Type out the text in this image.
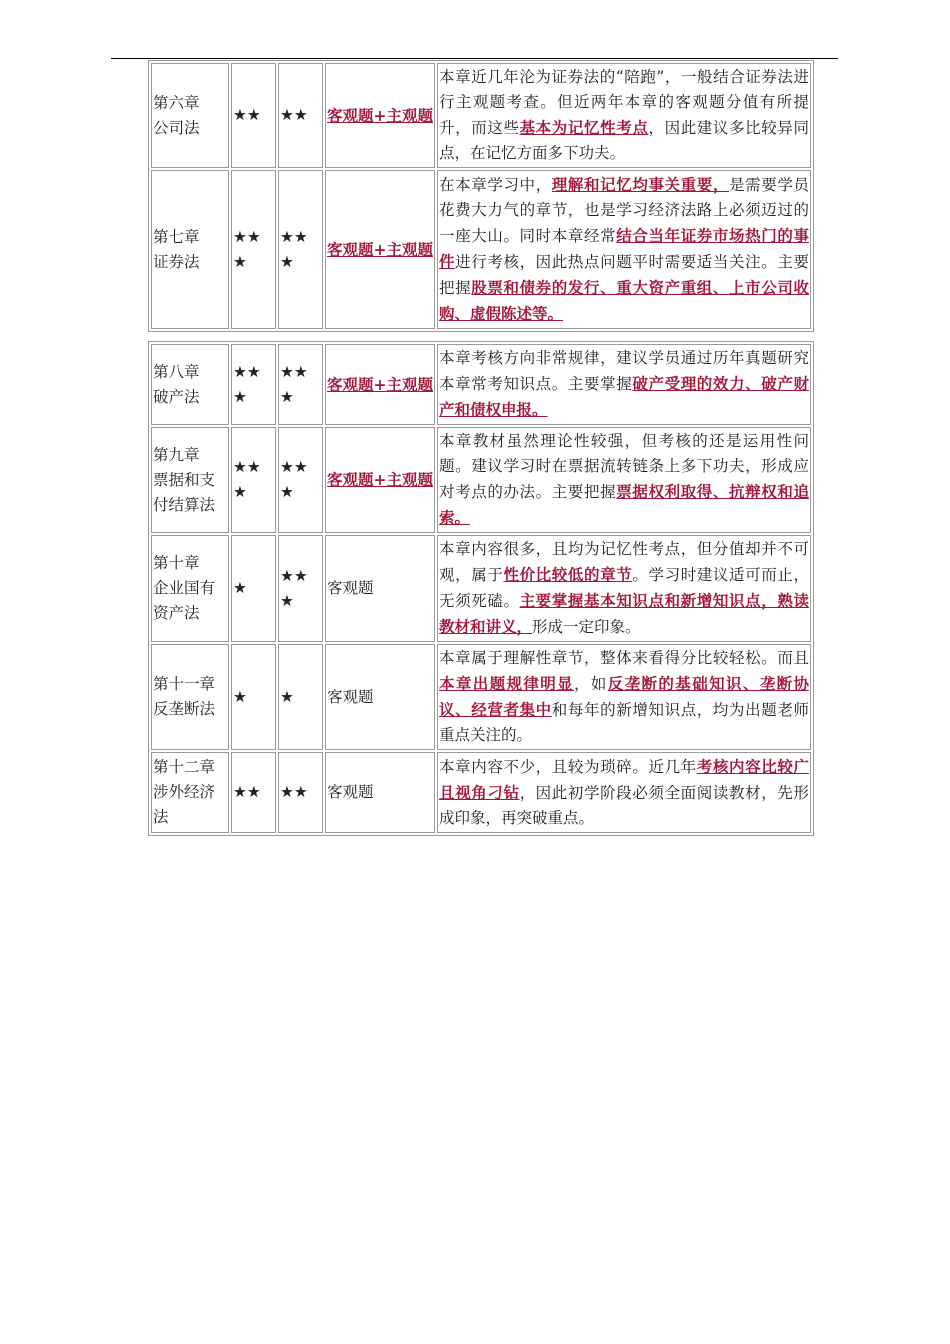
第六章
公司法	★★	★★	客观题+主观题	本章近几年沦为证券法的“陪跑”，一般结合证券法进行主观题考查。但近两年本章的客观题分值有所提升，而这些基本为记忆性考点，因此建议多比较异同点，在记忆方面多下功夫。

第七章
证券法	★★★	★★★	客观题+主观题	在本章学习中，理解和记忆均事关重要，是需要学员花费大力气的章节，也是学习经济法路上必须迈过的一座大山。同时本章经常结合当年证券市场热门的事件进行考核，因此热点问题平时需要适当关注。主要把握股票和债券的发行、重大资产重组、上市公司收购、虚假陈述等。
第八章
破产法	★★★	★★★	客观题+主观题	本章考核方向非常规律，建议学员通过历年真题研究本章常考知识点。主要掌握破产受理的效力、破产财产和债权申报。

第九章
票据和支
付结算法	★★★	★★★	客观题+主观题	本章教材虽然理论性较强，但考核的还是运用性问题。建议学习时在票据流转链条上多下功夫，形成应对考点的办法。主要把握票据权利取得、抗辩权和追索。

第十章
企业国有
资产法	★	★★★	客观题	本章内容很多，且均为记忆性考点，但分值却并不可观，属于性价比较低的章节。学习时建议适可而止，无须死磕。主要掌握基本知识点和新增知识点，熟读教材和讲义，形成一定印象。

第十一章
反垄断法	★	★	客观题	本章属于理解性章节，整体来看得分比较轻松。而且本章出题规律明显，如反垄断的基础知识、垄断协议、经营者集中和每年的新增知识点，均为出题老师重点关注的。

第十二章
涉外经济
法	★★	★★	客观题	本章内容不少，且较为琐碎。近几年考核内容比较广且视角刁钻，因此初学阶段必须全面阅读教材，先形成印象，再突破重点。
